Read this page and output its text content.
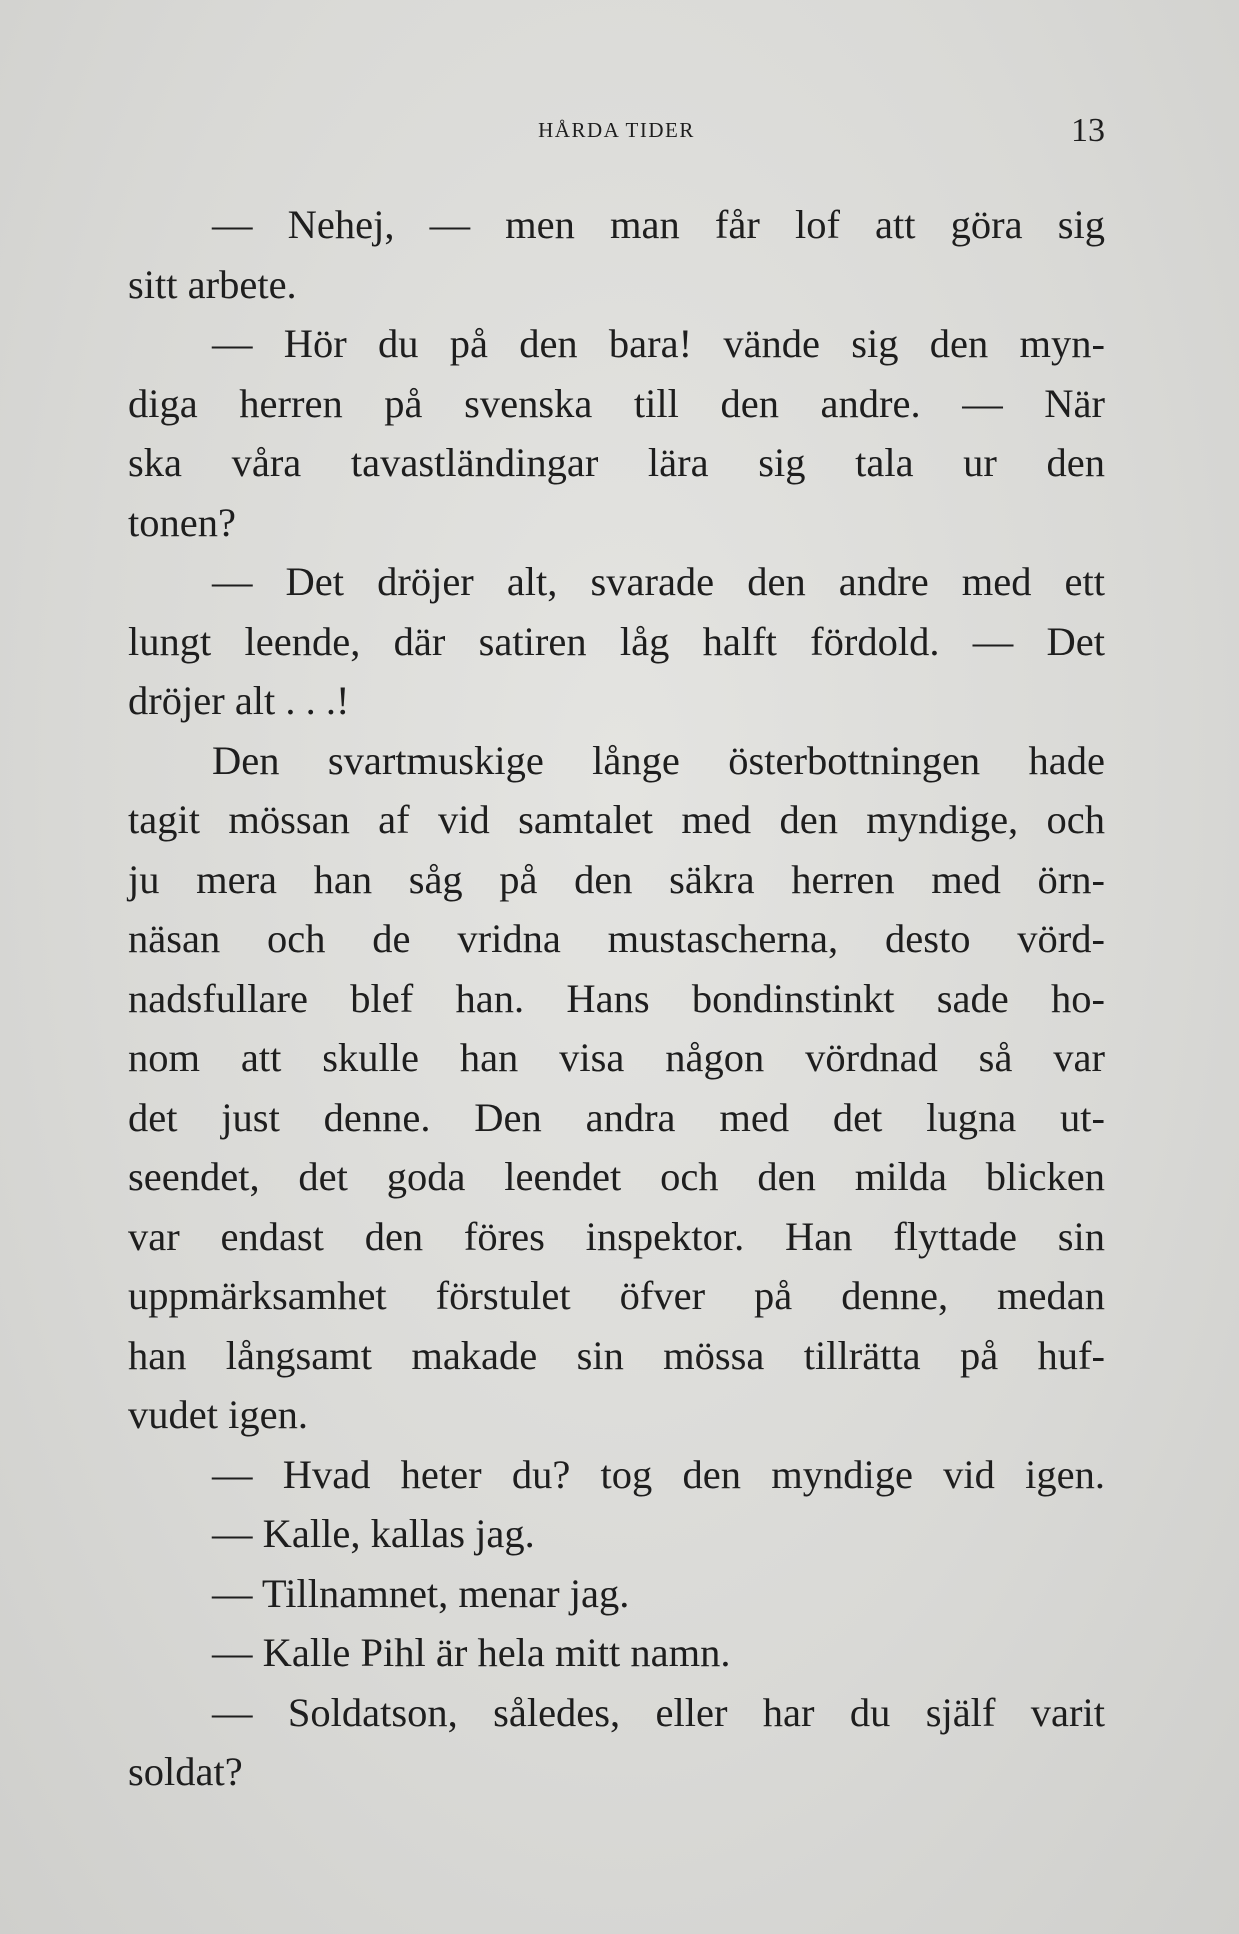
HÅRDA TIDER	13
— Nehej, — men man får lof att göra sig
sitt arbete.
— Hör du på den bara! vände sig den myn-
diga herren på svenska till den andre. — När
ska våra tavastländingar lära sig tala ur den
tonen?
— Det dröjer alt, svarade den andre med ett
lungt leende, där satiren låg halft fördold. — Det
dröjer alt . . .!
Den svartmuskige långe österbottningen hade
tagit mössan af vid samtalet med den myndige, och
ju mera han såg på den säkra herren med örn-
näsan och de vridna mustascherna, desto vörd-
nadsfullare blef han. Hans bondinstinkt sade ho-
nom att skulle han visa någon vördnad så var
det just denne. Den andra med det lugna ut-
seendet, det goda leendet och den milda blicken
var endast den föres inspektor. Han flyttade sin
uppmärksamhet förstulet öfver på denne, medan
han långsamt makade sin mössa tillrätta på huf-
vudet igen.
— Hvad heter du? tog den myndige vid igen.
— Kalle, kallas jag.
— Tillnamnet, menar jag.
— Kalle Pihl är hela mitt namn.
— Soldatson, således, eller har du själf varit
soldat?
